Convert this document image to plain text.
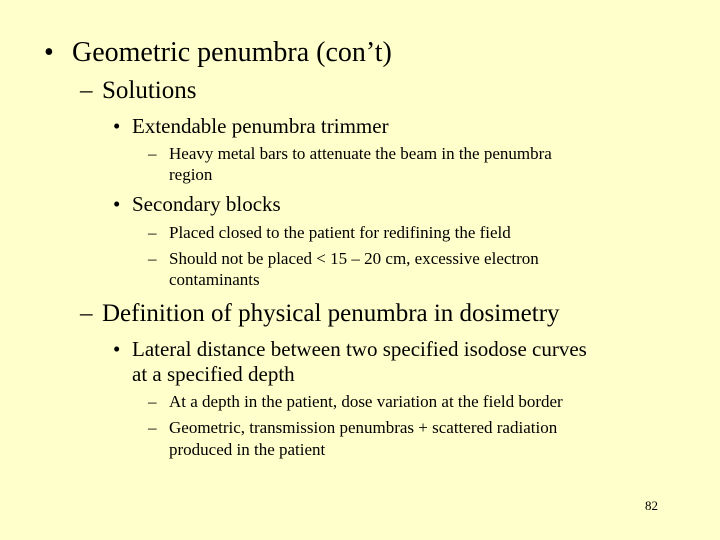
• Geometric penumbra (con’t)
– Solutions
• Extendable penumbra trimmer
– Heavy metal bars to attenuate the beam in the penumbra
region
• Secondary blocks
– Placed closed to the patient for redifining the field
– Should not be placed < 15 – 20 cm, excessive electron
contaminants
– Definition of physical penumbra in dosimetry
• Lateral distance between two specified isodose curves
at a specified depth
– At a depth in the patient, dose variation at the field border
– Geometric, transmission penumbras + scattered radiation
produced in the patient
82
